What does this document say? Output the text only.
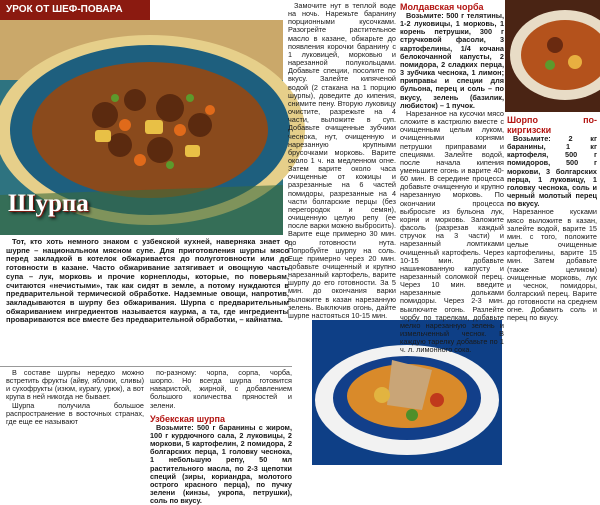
УРОК ОТ ШЕФ-ПОВАРА
Шурпа

Тот, кто хоть немного знаком с узбекской кухней, наверняка знает о шурпе – национальном мясном супе. Для приготовления шурпы мясо перед закладкой в котелок обжаривается до полуготовности или до готовности в казане. Часто обжаривание затягивает и овощную часть супа – лук, морковь и прочие корнеплоды, которые, по поверьям, считаются «нечистыми», так как сидят в земле, а потому нуждаются в предварительной термической обработке. Надземные овощи, напротив, закладываются в шурпу без обжаривания. Шурпа с предварительным обжариванием ингредиентов называется каурма, а та, где ингредиенты провариваются все вместе без предварительной обработки, – кайнатма.

В составе шурпы нередко можно встретить фрукты (айву, яблоки, сливы) и сухофрукты (изюм, курагу, урюк), а вот крупа в ней никогда не бывает.

Шурпа получила большое распространение в восточных странах, где еще ее называют

по-разному: чорпа, сорпа, чорба, шорпо. Но всегда шурпа готовится наваристой, жирной, с добавлением большого количества пряностей и зелени.

Узбекская шурпа

Возьмите: 500 г баранины с жиром, 100 г курдючного сала, 2 луковицы, 2 моркови, 5 картофелин, 2 помидора, 2 болгарских перца, 1 головку чеснока, 1 небольшую репу, 50 мл растительного масла, по 2-3 щепотки специй (зиры, кориандра, молотого острого красного перца), по пучку зелени (кинзы, укропа, петрушки), соль по вкусу.

Замочите нут в теплой воде на ночь. Нарежьте баранину порционными кусочками. Разогрейте растительное масло в казане, обжарьте до появления корочки баранину с 1 луковицей, морковью и нарезанной полукольцами. Добавьте специи, посолите по вкусу. Залейте кипяченой водой (2 стакана на 1 порцию шурпы), доведите до кипения, снимите пену. Вторую луковицу очистите, разрежьте на 4 части, выложите в суп. Добавьте очищенные зубчики чеснока, нут, очищенную и нарезанную крупными брусочками морковь. Варите около 1 ч. на медленном огне. Затем варите около часа очищенные от кожицы и разрезанные на 6 частей помидоры, разрезанные на 4 части болгарские перцы (без перегородок и семян), очищенную целую репу (ее после варки можно выбросить). Варите еще примерно 30 мин. до готовности нута. Попробуйте шурпу на соль. Еще примерно через 20 мин. добавьте очищенный и крупно нарезанный картофель, варите шурпу до его готовности. За 5 мин. до окончания варки выложите в казан нарезанную зелень. Выключив огонь, дайте шурпе настояться 10-15 мин.

Молдавская чорба

Возьмите: 500 г телятины, 1-2 луковицы, 1 морковь, 1 корень петрушки, 300 г стручковой фасоли, 3 картофелины, 1/4 кочана белокочанной капусты, 2 помидора, 2 сладких перца, 3 зубчика чеснока, 1 лимон; приправы и специи для бульона, перец и соль – по вкусу, зелень (базилик, любисток) – 1 пучок.

Нарезанное на кусочки мясо сложите в кастрюлю вместе с очищенным целым луком, очищенными корнями петрушки приправами и специями. Залейте водой, после начала кипения уменьшите огонь и варите 40-60 мин. В середине процесса добавьте очищенную и крупно нарезанную морковь. По окончании процесса выбросьте из бульона лук, корни и морковь. Заложите фасоль (разрезав каждый стручок на 3 части) и нарезанный ломтиками очищенный картофель. Через 10-15 мин. добавьте нашинкованную капусту и нарезанный соломкой перец. Через 10 мин. введите нарезанные дольками помидоры. Через 2-3 мин. выключите огонь. Разлейте чорбу по тарелкам, добавьте мелко нарезанную зелень и измельченный чеснок. В каждую тарелку добавьте по 1 ч. л. лимонного сока.

Шорпо по-киргизски

Возьмите: 2 кг баранины, 1 кг картофеля, 500 г помидоров, 500 г моркови, 3 болгарских перца, 1 луковицу, 1 головку чеснока, соль и черный молотый перец по вкусу.

Нарезанное кусками мясо выложите в казан, залейте водой, варите 15 мин. с того, положите целые очищенные картофелины, варите 15 мин. Затем добавьте (также целиком) очищенные морковь, лук и чеснок, помидоры, болгарский перец. Варите до готовности на среднем огне. Добавить соль и перец по вкусу.
